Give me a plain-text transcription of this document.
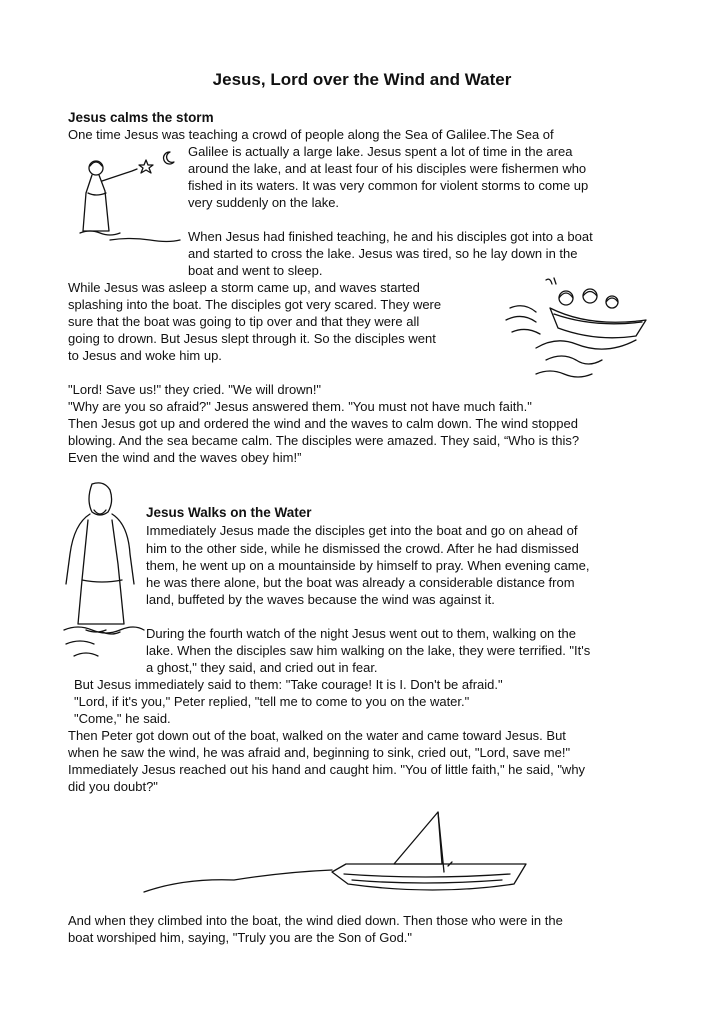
Jesus, Lord over the Wind and Water
Jesus calms the storm
One time Jesus was teaching a crowd of people along the Sea of Galilee.The Sea of
Galilee is actually a large lake. Jesus spent a lot of time in the area
around the lake, and at least four of his disciples were fishermen who
fished in its waters. It was very common for violent storms to come up
very suddenly on the lake.
When Jesus had finished teaching, he and his disciples got into a boat
and started to cross the lake. Jesus was tired, so he lay down in the
boat and went to sleep.
While Jesus was asleep a storm came up, and waves started
splashing into the boat. The disciples got very scared. They were
sure that the boat was going to tip over and that they were all
going to drown. But Jesus slept through it. So the disciples went
to Jesus and woke him up.
"Lord! Save us!" they cried. "We will drown!"
"Why are you so afraid?" Jesus answered them. "You must not have much faith."
Then Jesus got up and ordered the wind and the waves to calm down. The wind stopped
blowing. And the sea became calm. The disciples were amazed. They said, “Who is this?
Even the wind and the waves obey him!”
Jesus Walks on the Water
Immediately Jesus made the disciples get into the boat and go on ahead of
him to the other side, while he dismissed the crowd. After he had dismissed
them, he went up on a mountainside by himself to pray. When evening came,
he was there alone, but the boat was already a considerable distance from
land, buffeted by the waves because the wind was against it.
During the fourth watch of the night Jesus went out to them, walking on the
lake. When the disciples saw him walking on the lake, they were terrified. "It's
a ghost," they said, and cried out in fear.
But Jesus immediately said to them: "Take courage! It is I. Don't be afraid."
"Lord, if it's you," Peter replied, "tell me to come to you on the water."
"Come," he said.
Then Peter got down out of the boat, walked on the water and came toward Jesus. But
when he saw the wind, he was afraid and, beginning to sink, cried out, "Lord, save me!"
Immediately Jesus reached out his hand and caught him. "You of little faith," he said, "why
did you doubt?"
And when they climbed into the boat, the wind died down. Then those who were in the
boat worshiped him, saying, "Truly you are the Son of God."
